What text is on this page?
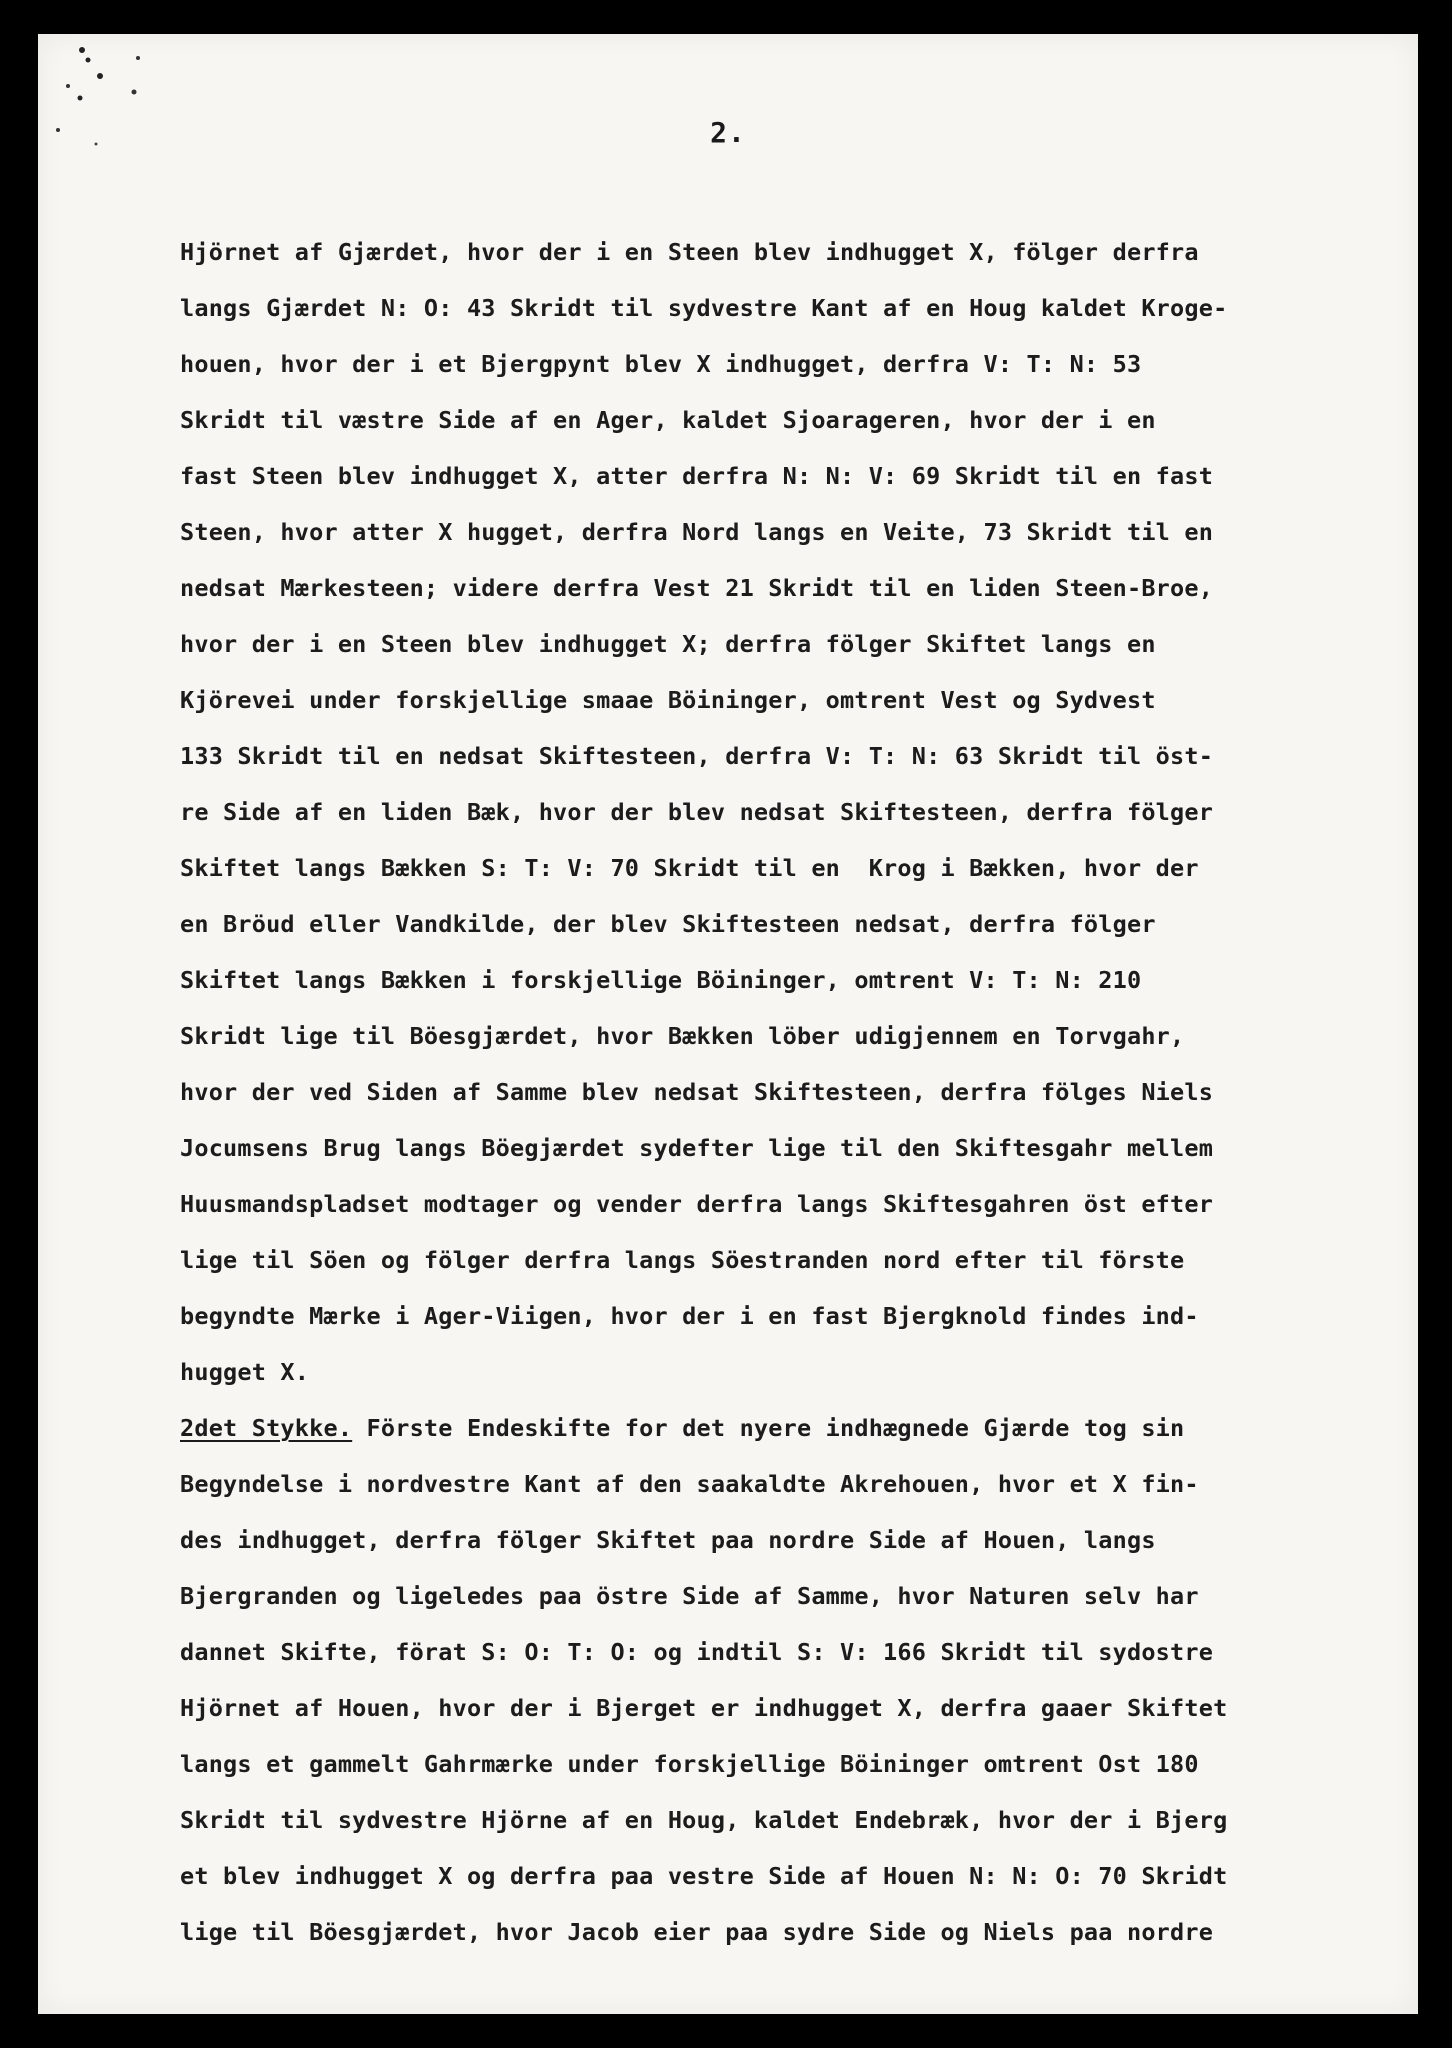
2.
Hjörnet af Gjærdet, hvor der i en Steen blev indhugget X, fölger derfra
langs Gjærdet N: O: 43 Skridt til sydvestre Kant af en Houg kaldet Kroge-
houen, hvor der i et Bjergpynt blev X indhugget, derfra V: T: N: 53
Skridt til væstre Side af en Ager, kaldet Sjoarageren, hvor der i en
fast Steen blev indhugget X, atter derfra N: N: V: 69 Skridt til en fast
Steen, hvor atter X hugget, derfra Nord langs en Veite, 73 Skridt til en
nedsat Mærkesteen; videre derfra Vest 21 Skridt til en liden Steen-Broe,
hvor der i en Steen blev indhugget X; derfra fölger Skiftet langs en
Kjörevei under forskjellige smaae Böininger, omtrent Vest og Sydvest
133 Skridt til en nedsat Skiftesteen, derfra V: T: N: 63 Skridt til öst-
re Side af en liden Bæk, hvor der blev nedsat Skiftesteen, derfra fölger
Skiftet langs Bækken S: T: V: 70 Skridt til en  Krog i Bækken, hvor der
en Bröud eller Vandkilde, der blev Skiftesteen nedsat, derfra fölger
Skiftet langs Bækken i forskjellige Böininger, omtrent V: T: N: 210
Skridt lige til Böesgjærdet, hvor Bækken löber udigjennem en Torvgahr,
hvor der ved Siden af Samme blev nedsat Skiftesteen, derfra fölges Niels
Jocumsens Brug langs Böegjærdet sydefter lige til den Skiftesgahr mellem
Huusmandspladset modtager og vender derfra langs Skiftesgahren öst efter
lige til Söen og fölger derfra langs Söestranden nord efter til förste
begyndte Mærke i Ager-Viigen, hvor der i en fast Bjergknold findes ind-
hugget X.
2det Stykke. Förste Endeskifte for det nyere indhægnede Gjærde tog sin
Begyndelse i nordvestre Kant af den saakaldte Akrehouen, hvor et X fin-
des indhugget, derfra fölger Skiftet paa nordre Side af Houen, langs
Bjergranden og ligeledes paa östre Side af Samme, hvor Naturen selv har
dannet Skifte, förat S: O: T: O: og indtil S: V: 166 Skridt til sydostre
Hjörnet af Houen, hvor der i Bjerget er indhugget X, derfra gaaer Skiftet
langs et gammelt Gahrmærke under forskjellige Böininger omtrent Ost 180
Skridt til sydvestre Hjörne af en Houg, kaldet Endebræk, hvor der i Bjerg
et blev indhugget X og derfra paa vestre Side af Houen N: N: O: 70 Skridt
lige til Böesgjærdet, hvor Jacob eier paa sydre Side og Niels paa nordre
